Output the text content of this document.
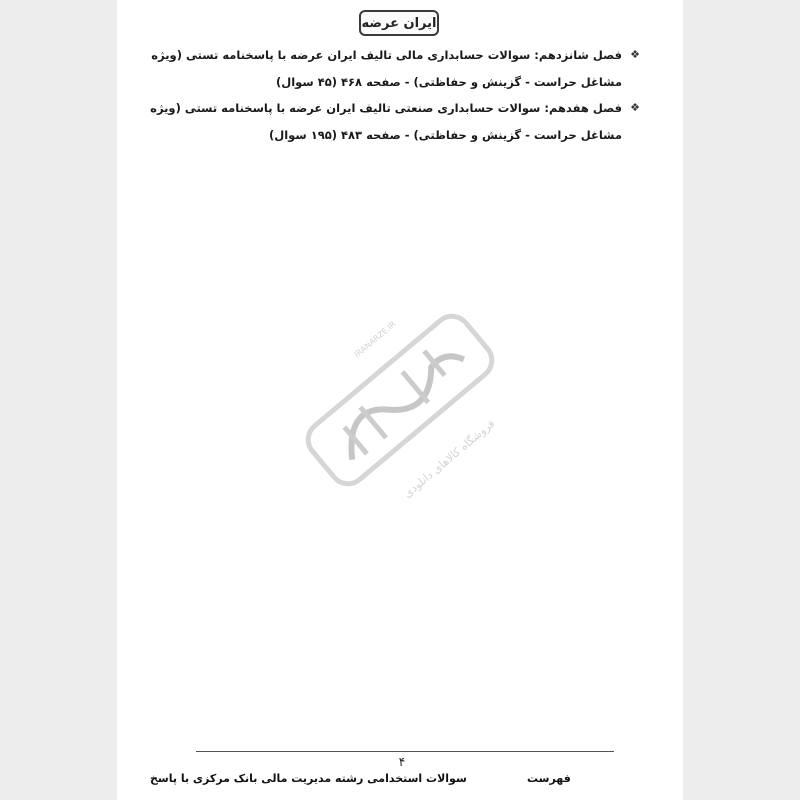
ایران عرضه
❖
فصل شانزدهم: سوالات حسابداری مالی تالیف ایران عرضه با پاسخنامه تستی (ویژه مشاغل حراست - گزینش و حفاظتی) - صفحه ۴۶۸ (۴۵ سوال)
❖
فصل هفدهم: سوالات حسابداری صنعتی تالیف ایران عرضه با پاسخنامه تستی (ویژه مشاغل حراست - گزینش و حفاظتی) - صفحه ۴۸۳ (۱۹۵ سوال)
فروشگاه کالاهای دانلودی
IRANARZE.IR
۴
سوالات استخدامی رشته مدیریت مالی بانک مرکزی با پاسخ	فهرست
